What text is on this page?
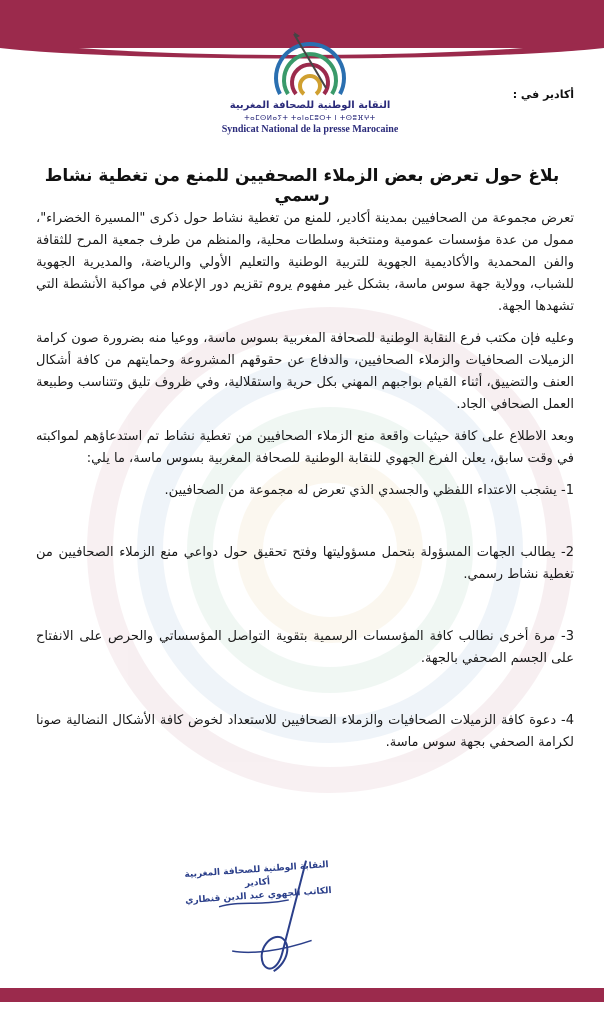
النقابة الوطنية للصحافة المغربية
ⵜⴰⵎⵙⵍⴰⵢⵜ ⵜⴰⵏⴰⵎⵓⵔⵜ ⵏ ⵜⵙⵓⴼⵖⵜ
Syndicat National de la presse Marocaine
أكادير في :
بلاغ حول تعرض بعض الزملاء الصحفيين للمنع من تغطية نشاط رسمي

تعرض مجموعة من الصحافيين بمدينة أكادير، للمنع من تغطية نشاط حول ذكرى "المسيرة الخضراء"، ممول من عدة مؤسسات عمومية ومنتخبة وسلطات محلية، والمنظم من طرف جمعية المرح للثقافة والفن المحمدية والأكاديمية الجهوية للتربية الوطنية والتعليم الأولي والرياضة، والمديرية الجهوية للشباب، وولاية جهة سوس ماسة، بشكل غير مفهوم يروم تقزيم دور الإعلام في مواكبة الأنشطة التي تشهدها الجهة.

وعليه فإن مكتب فرع النقابة الوطنية للصحافة المغربية بسوس ماسة، ووعيا منه بضرورة صون كرامة الزميلات الصحافيات والزملاء الصحافيين، والدفاع عن حقوقهم المشروعة وحمايتهم من كافة أشكال العنف والتضييق، أثناء القيام بواجبهم المهني بكل حرية واستقلالية، وفي ظروف تليق وتتناسب وطبيعة العمل الصحافي الجاد.

وبعد الاطلاع على كافة حيثيات واقعة منع الزملاء الصحافيين من تغطية نشاط تم استدعاؤهم لمواكبته في وقت سابق، يعلن الفرع الجهوي للنقابة الوطنية للصحافة المغربية بسوس ماسة، ما يلي:

1- يشجب الاعتداء اللفظي والجسدي الذي تعرض له مجموعة من الصحافيين.

2- يطالب الجهات المسؤولة بتحمل مسؤوليتها وفتح تحقيق حول دواعي منع الزملاء الصحافيين من تغطية نشاط رسمي.

3- مرة أخرى نطالب كافة المؤسسات الرسمية بتقوية التواصل المؤسساتي والحرص على الانفتاح على الجسم الصحفي بالجهة.

4- دعوة كافة الزميلات الصحافيات والزملاء الصحافيين للاستعداد لخوض كافة الأشكال النضالية صونا لكرامة الصحفي بجهة سوس ماسة.

النقابة الوطنية للصحافة المغربية
أكادير
الكاتب الجهوي عبد الدين قنطاري
